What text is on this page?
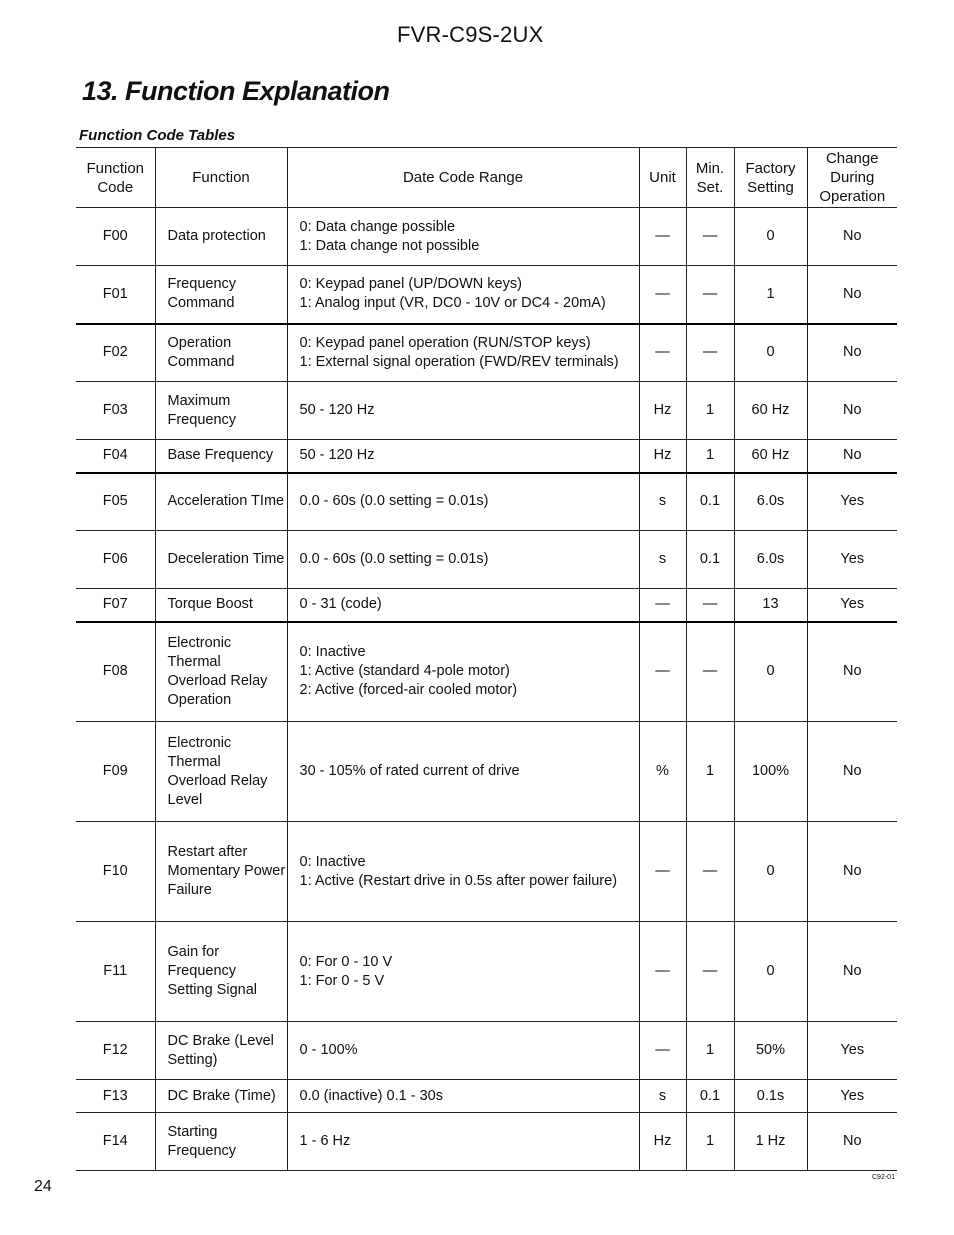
FVR-C9S-2UX
13. Function Explanation
Function Code Tables
Function
Code	Function	Date Code Range	Unit	Min.
Set.	Factory
Setting	Change
During
Operation

F00	Data protection	0: Data change possible
1: Data change not possible	—	—	0	No
F01	Frequency
Command	0: Keypad panel (UP/DOWN keys)
1: Analog input (VR, DC0 - 10V or DC4 - 20mA)	—	—	1	No
F02	Operation
Command	0: Keypad panel operation (RUN/STOP keys)
1: External signal operation (FWD/REV terminals)	—	—	0	No
F03	Maximum
Frequency	50 - 120 Hz	Hz	1	60 Hz	No
F04	Base Frequency	50 - 120 Hz	Hz	1	60 Hz	No
F05	Acceleration TIme	0.0 - 60s (0.0 setting = 0.01s)	s	0.1	6.0s	Yes
F06	Deceleration Time	0.0 - 60s (0.0 setting = 0.01s)	s	0.1	6.0s	Yes
F07	Torque Boost	0 - 31 (code)	—	—	13	Yes
F08	Electronic Thermal
Overload Relay
Operation	0: Inactive
1: Active (standard 4-pole motor)
2: Active (forced-air cooled motor)	—	—	0	No
F09	Electronic Thermal
Overload Relay
Level	30 - 105% of rated current of drive	%	1	100%	No
F10	Restart after
Momentary Power
Failure	0: Inactive
1: Active (Restart drive in 0.5s after power failure)	—	—	0	No
F11	Gain for Frequency
Setting Signal	0: For 0 - 10 V
1: For 0 - 5 V	—	—	0	No
F12	DC Brake (Level
Setting)	0 - 100%	—	1	50%	Yes
F13	DC Brake (Time)	0.0 (inactive) 0.1 - 30s	s	0.1	0.1s	Yes
F14	Starting Frequency	1 - 6 Hz	Hz	1	1 Hz	No
24
C92-01
